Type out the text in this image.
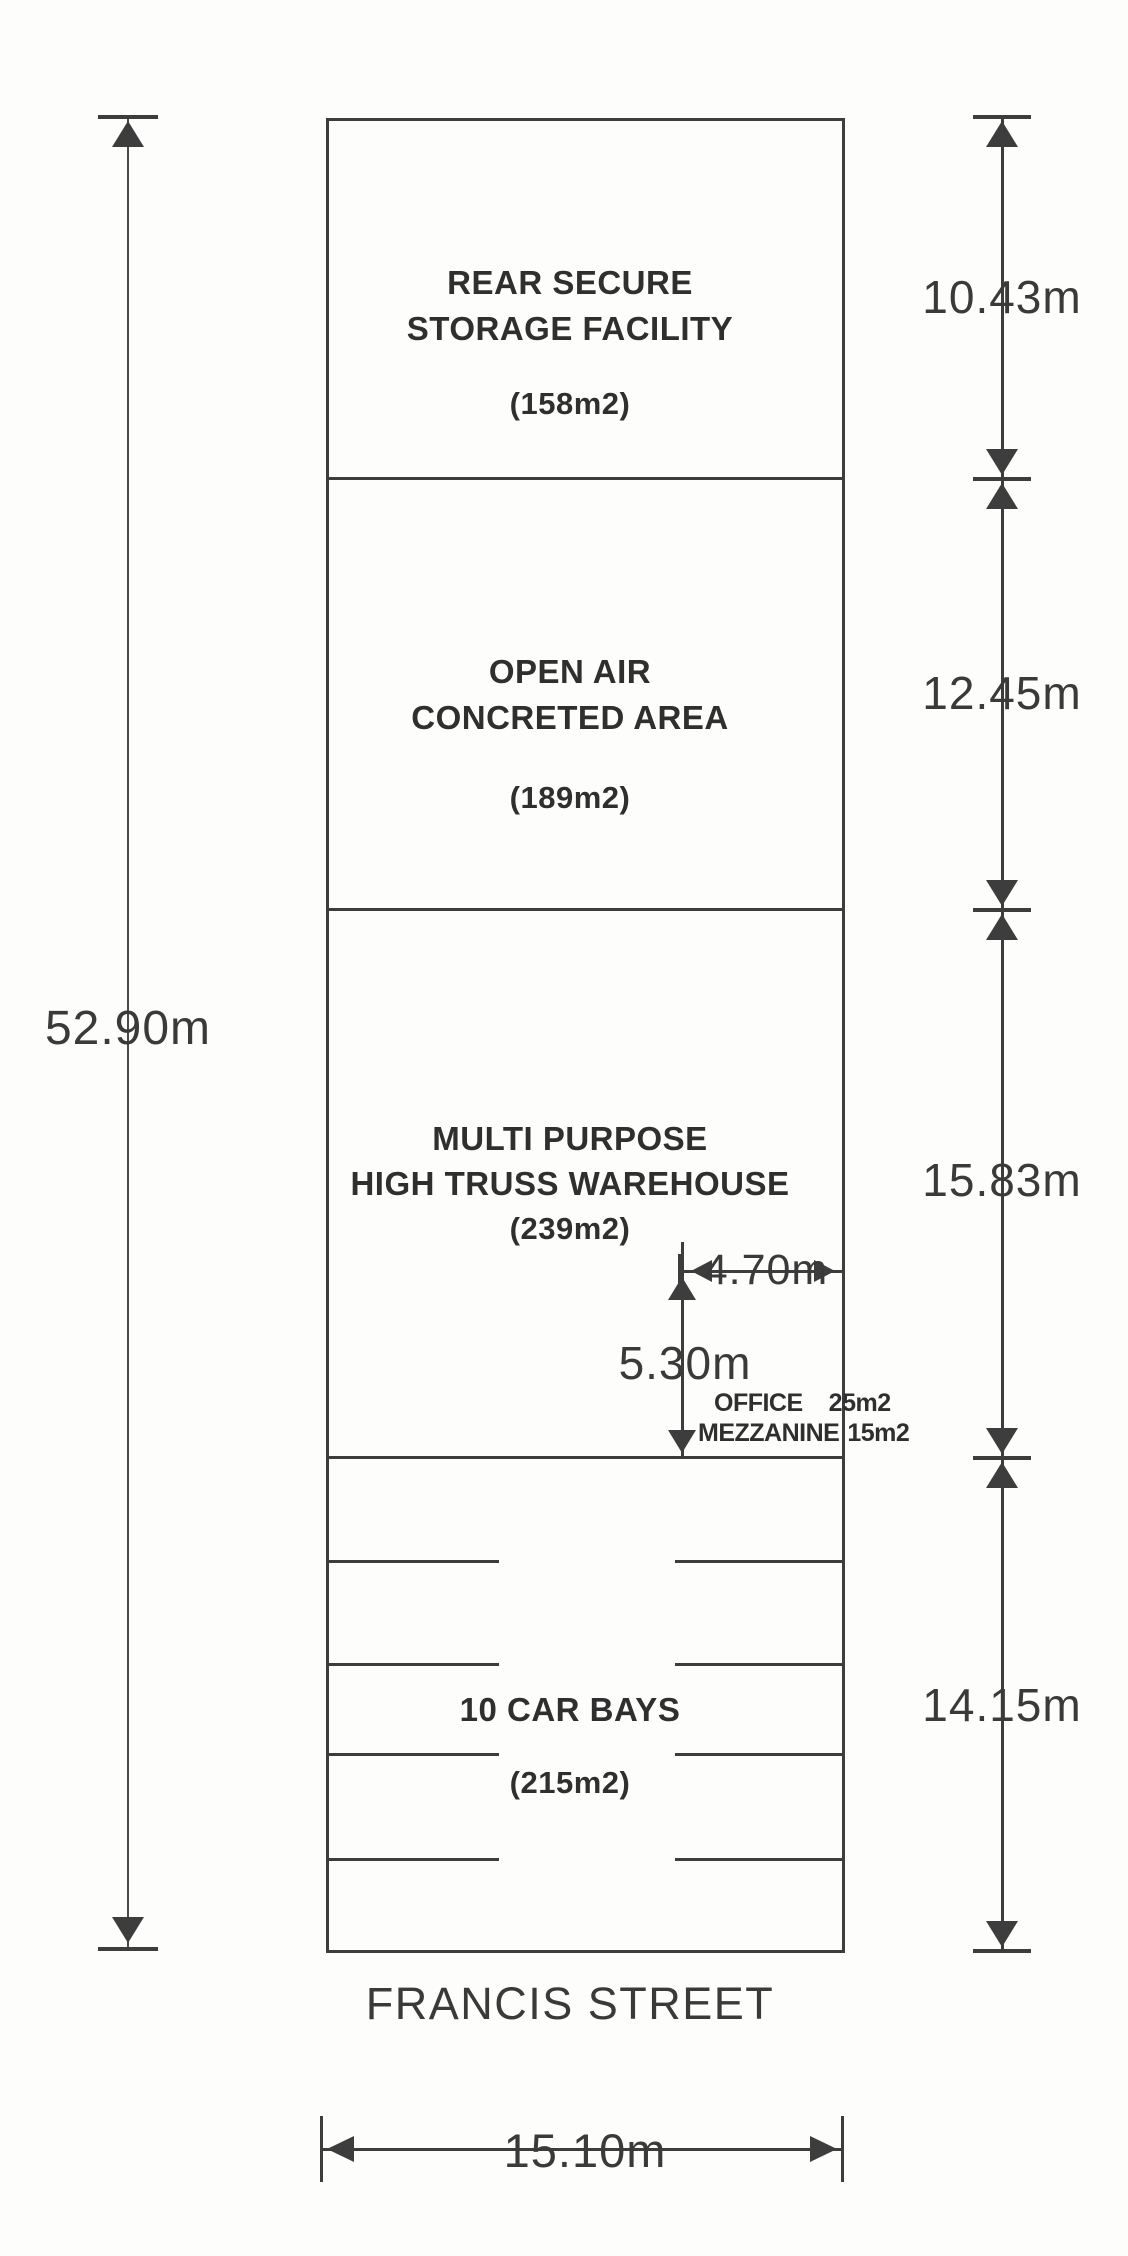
REAR SECURE
STORAGE FACILITY
(158m2)
OPEN AIR
CONCRETED AREA
(189m2)
MULTI PURPOSE
HIGH TRUSS WAREHOUSE
(239m2)
10 CAR BAYS
(215m2)
52.90m
10.43m
12.45m
15.83m
14.15m
4.70m
5.30m
OFFICE 25m2
MEZZANINE 15m2
FRANCIS STREET
15.10m
